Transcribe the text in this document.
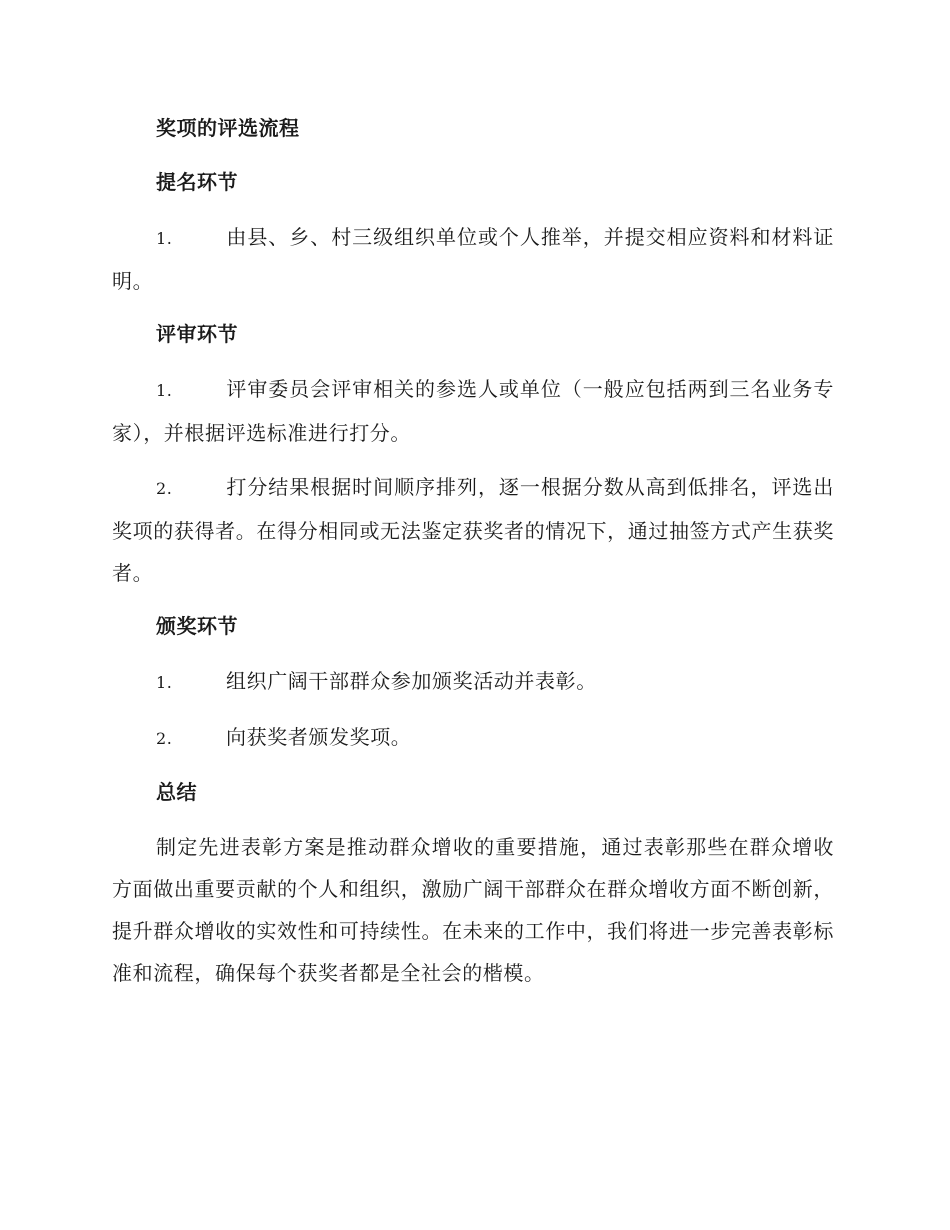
奖项的评选流程
提名环节

1.	由县、乡、村三级组织单位或个人推举，并提交相应资料和材料证明。

评审环节

1.	评审委员会评审相关的参选人或单位（一般应包括两到三名业务专家），并根据评选标准进行打分。

2.	打分结果根据时间顺序排列，逐一根据分数从高到低排名，评选出奖项的获得者。在得分相同或无法鉴定获奖者的情况下，通过抽签方式产生获奖者。

颁奖环节

1.	组织广阔干部群众参加颁奖活动并表彰。

2.	向获奖者颁发奖项。

总结

制定先进表彰方案是推动群众增收的重要措施，通过表彰那些在群众增收方面做出重要贡献的个人和组织，激励广阔干部群众在群众增收方面不断创新，提升群众增收的实效性和可持续性。在未来的工作中，我们将进一步完善表彰标准和流程，确保每个获奖者都是全社会的楷模。
